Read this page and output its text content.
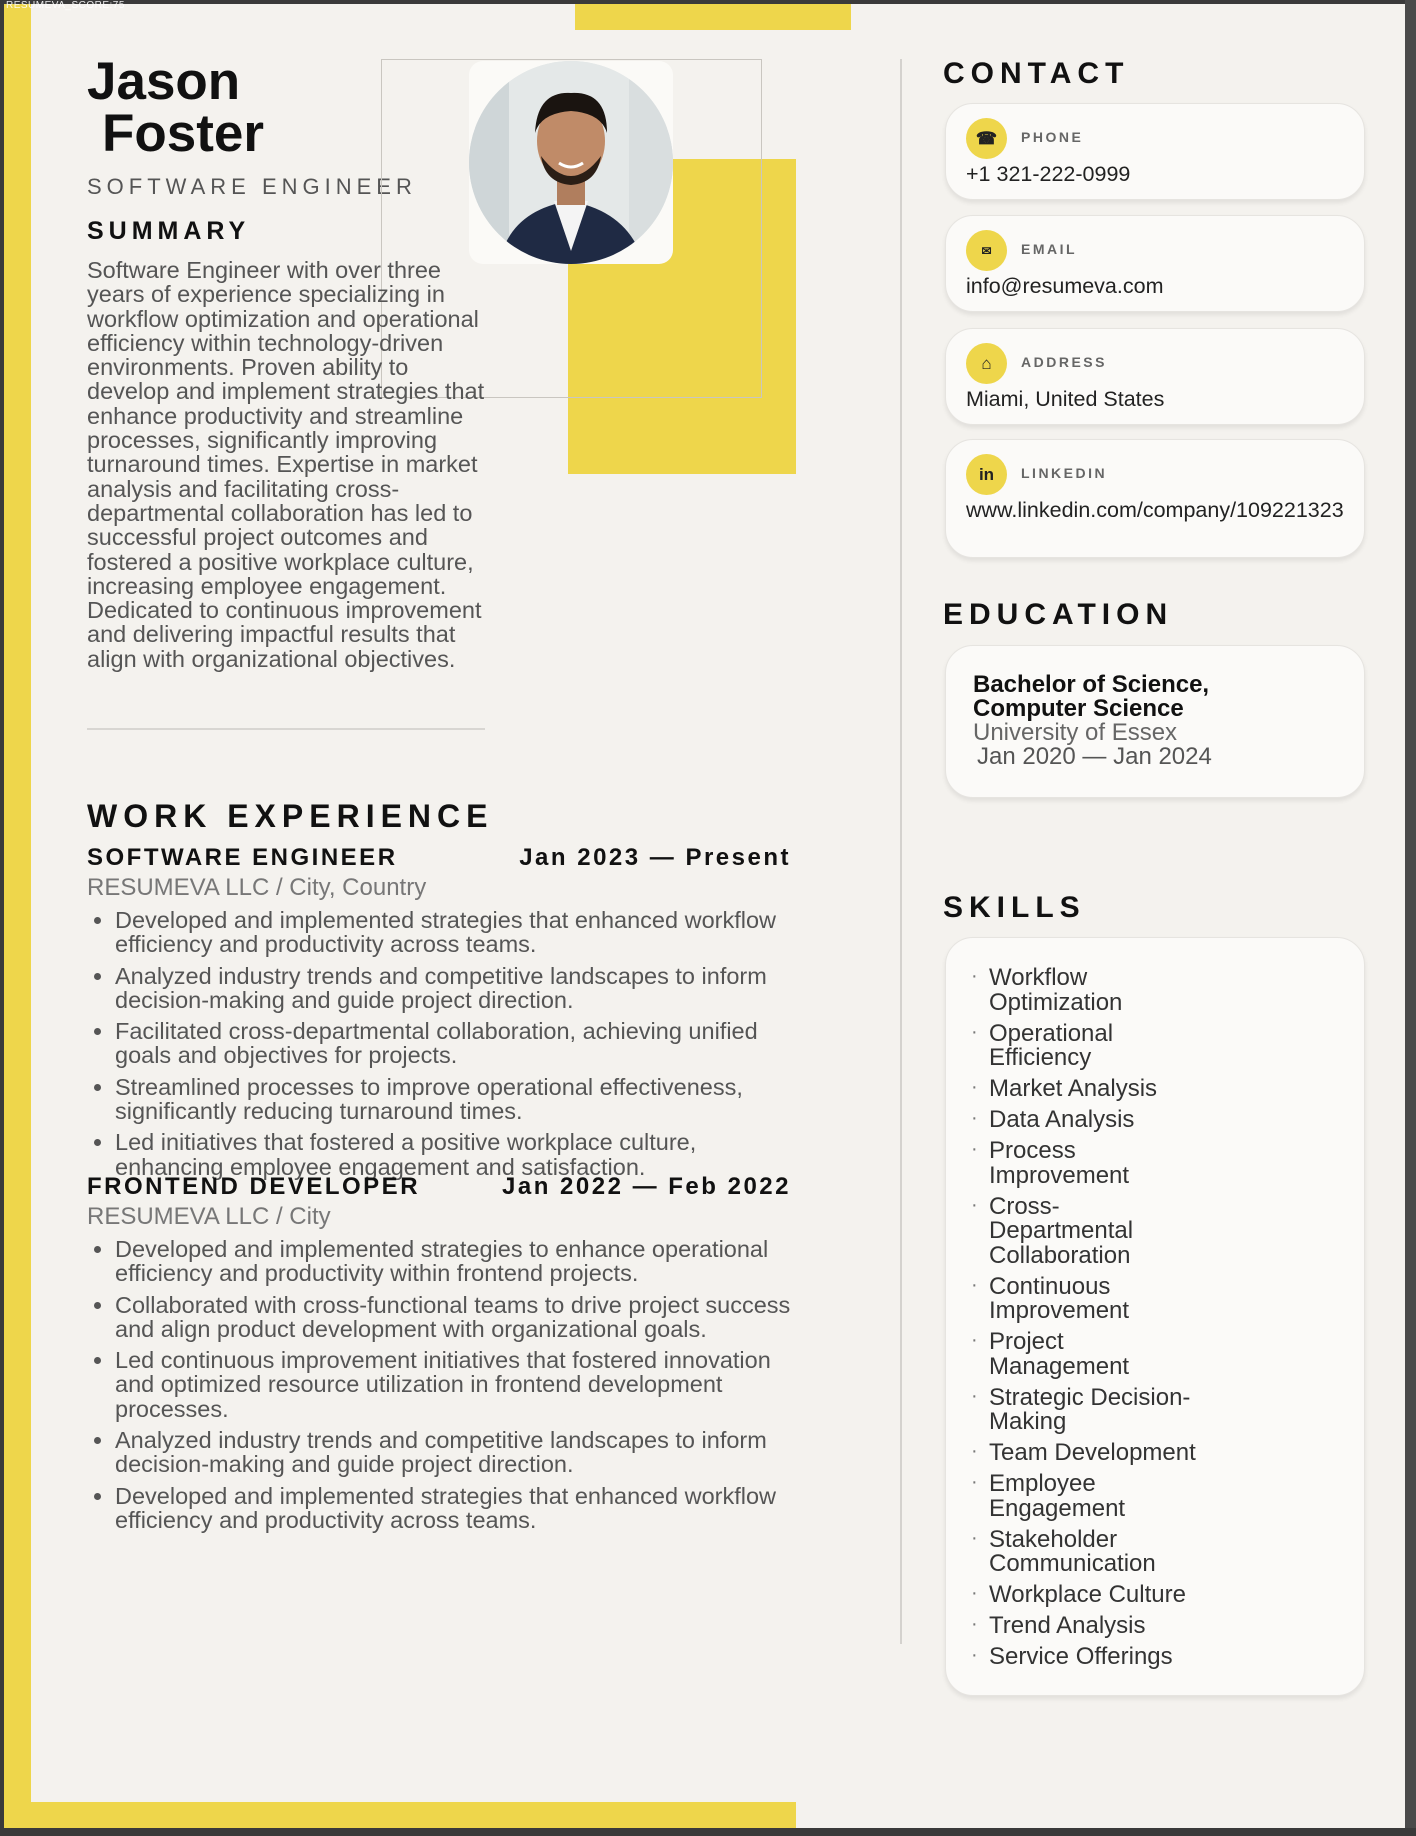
RESUMEVA_SCORE:75
Jason
Foster
SOFTWARE ENGINEER
SUMMARY
Software Engineer with over three years of experience specializing in workflow optimization and operational efficiency within technology-driven environments. Proven ability to develop and implement strategies that enhance productivity and streamline processes, significantly improving turnaround times. Expertise in market analysis and facilitating cross-departmental collaboration has led to successful project outcomes and fostered a positive workplace culture, increasing employee engagement. Dedicated to continuous improvement and delivering impactful results that align with organizational objectives.
WORK EXPERIENCE
SOFTWARE ENGINEER	Jan 2023 — Present
RESUMEVA LLC / City, Country
• Developed and implemented strategies that enhanced workflow efficiency and productivity across teams.
• Analyzed industry trends and competitive landscapes to inform decision-making and guide project direction.
• Facilitated cross-departmental collaboration, achieving unified goals and objectives for projects.
• Streamlined processes to improve operational effectiveness, significantly reducing turnaround times.
• Led initiatives that fostered a positive workplace culture, enhancing employee engagement and satisfaction.
FRONTEND DEVELOPER	Jan 2022 — Feb 2022
RESUMEVA LLC / City
• Developed and implemented strategies to enhance operational efficiency and productivity within frontend projects.
• Collaborated with cross-functional teams to drive project success and align product development with organizational goals.
• Led continuous improvement initiatives that fostered innovation and optimized resource utilization in frontend development processes.
• Analyzed industry trends and competitive landscapes to inform decision-making and guide project direction.
• Developed and implemented strategies that enhanced workflow efficiency and productivity across teams.
CONTACT
☎	PHONE
+1 321-222-0999
✉	EMAIL
info@resumeva.com
⌂	ADDRESS
Miami, United States
in	LINKEDIN
www.linkedin.com/company/109221323
EDUCATION
Bachelor of Science, Computer Science
University of Essex
Jan 2020 — Jan 2024
SKILLS
· Workflow Optimization
· Operational Efficiency
· Market Analysis
· Data Analysis
· Process Improvement
· Cross-Departmental Collaboration
· Continuous Improvement
· Project Management
· Strategic Decision-Making
· Team Development
· Employee Engagement
· Stakeholder Communication
· Workplace Culture
· Trend Analysis
· Service Offerings
